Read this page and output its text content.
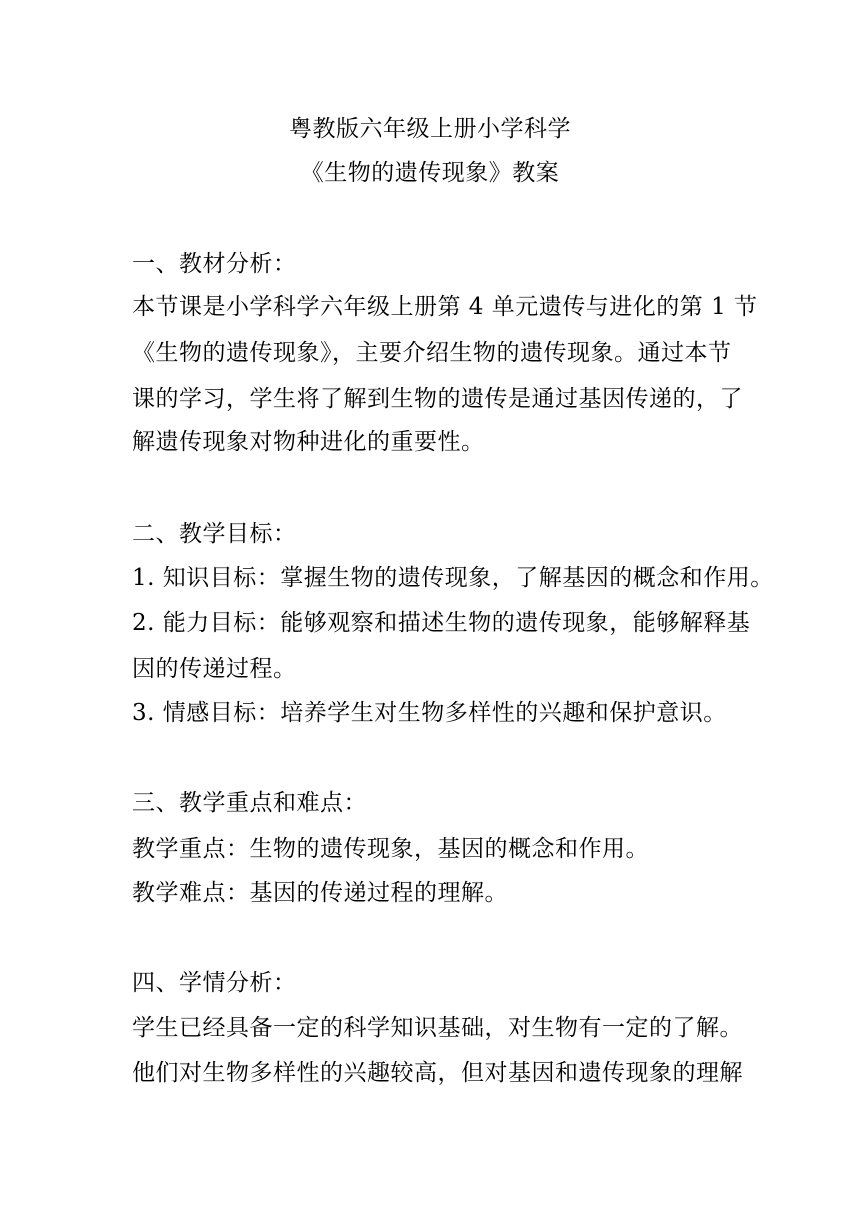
粤教版六年级上册小学科学
《生物的遗传现象》教案
一、教材分析：
本节课是小学科学六年级上册第 4 单元遗传与进化的第 1 节
《生物的遗传现象》，主要介绍生物的遗传现象。通过本节
课的学习，学生将了解到生物的遗传是通过基因传递的，了
解遗传现象对物种进化的重要性。
二、教学目标：
1. 知识目标：掌握生物的遗传现象，了解基因的概念和作用。
2. 能力目标：能够观察和描述生物的遗传现象，能够解释基
因的传递过程。
3. 情感目标：培养学生对生物多样性的兴趣和保护意识。
三、教学重点和难点：
教学重点：生物的遗传现象，基因的概念和作用。
教学难点：基因的传递过程的理解。
四、学情分析：
学生已经具备一定的科学知识基础，对生物有一定的了解。
他们对生物多样性的兴趣较高，但对基因和遗传现象的理解
